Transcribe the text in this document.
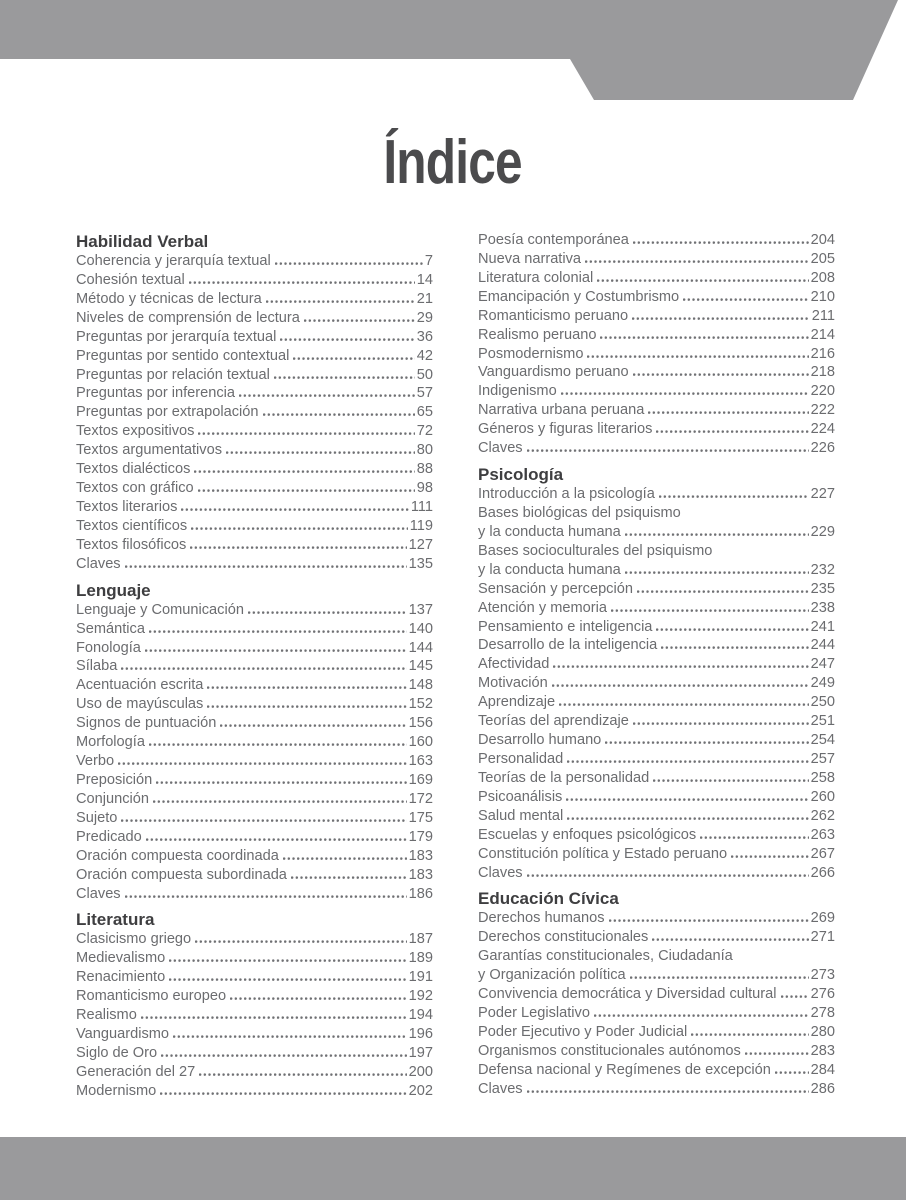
Índice
Habilidad Verbal
Coherencia y jerarquía textual	7
Cohesión textual	14
Método y técnicas de lectura	21
Niveles de comprensión de lectura	29
Preguntas por jerarquía textual	36
Preguntas por sentido contextual	42
Preguntas por relación textual	50
Preguntas por inferencia	57
Preguntas por extrapolación	65
Textos expositivos	72
Textos argumentativos	80
Textos dialécticos	88
Textos con gráfico	98
Textos literarios	111
Textos científicos	119
Textos filosóficos	127
Claves	135
Lenguaje
Lenguaje y Comunicación	137
Semántica	140
Fonología	144
Sílaba	145
Acentuación escrita	148
Uso de mayúsculas	152
Signos de puntuación	156
Morfología	160
Verbo	163
Preposición	169
Conjunción	172
Sujeto	175
Predicado	179
Oración compuesta coordinada	183
Oración compuesta subordinada	183
Claves	186
Literatura
Clasicismo griego	187
Medievalismo	189
Renacimiento	191
Romanticismo europeo	192
Realismo	194
Vanguardismo	196
Siglo de Oro	197
Generación del 27	200
Modernismo	202
Poesía contemporánea	204
Nueva narrativa	205
Literatura colonial	208
Emancipación y Costumbrismo	210
Romanticismo peruano	211
Realismo peruano	214
Posmodernismo	216
Vanguardismo peruano	218
Indigenismo	220
Narrativa urbana peruana	222
Géneros y figuras literarios	224
Claves	226
Psicología
Introducción a la psicología	227
Bases biológicas del psiquismo
y la conducta humana	229
Bases socioculturales del psiquismo
y la conducta humana	232
Sensación y percepción	235
Atención y memoria	238
Pensamiento e inteligencia	241
Desarrollo de la inteligencia	244
Afectividad	247
Motivación	249
Aprendizaje	250
Teorías del aprendizaje	251
Desarrollo humano	254
Personalidad	257
Teorías de la personalidad	258
Psicoanálisis	260
Salud mental	262
Escuelas y enfoques psicológicos	263
Constitución política y Estado peruano	267
Claves	266
Educación Cívica
Derechos humanos	269
Derechos constitucionales	271
Garantías constitucionales, Ciudadanía
y Organización política	273
Convivencia democrática y Diversidad cultural 276
Poder Legislativo	278
Poder Ejecutivo y Poder Judicial	280
Organismos constitucionales autónomos	283
Defensa nacional y Regímenes de excepción	284
Claves	286
